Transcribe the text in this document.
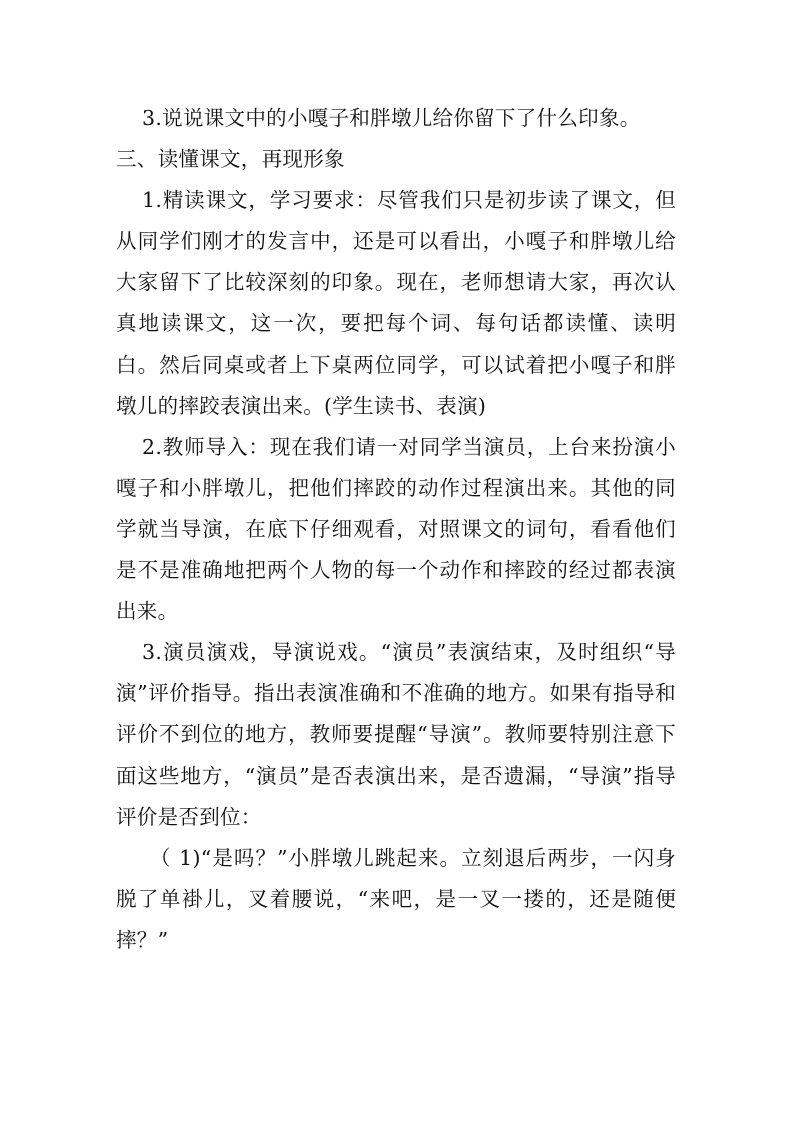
3.说说课文中的小嘎子和胖墩儿给你留下了什么印象。

三、读懂课文，再现形象

1.精读课文，学习要求：尽管我们只是初步读了课文，但从同学们刚才的发言中，还是可以看出，小嘎子和胖墩儿给大家留下了比较深刻的印象。现在，老师想请大家，再次认真地读课文，这一次，要把每个词、每句话都读懂、读明白。然后同桌或者上下桌两位同学，可以试着把小嘎子和胖墩儿的摔跤表演出来。(学生读书、表演)

2.教师导入：现在我们请一对同学当演员，上台来扮演小嘎子和小胖墩儿，把他们摔跤的动作过程演出来。其他的同学就当导演，在底下仔细观看，对照课文的词句，看看他们是不是准确地把两个人物的每一个动作和摔跤的经过都表演出来。

3.演员演戏，导演说戏。“演员”表演结束，及时组织“导演”评价指导。指出表演准确和不准确的地方。如果有指导和评价不到位的地方，教师要提醒“导演”。教师要特别注意下面这些地方，“演员”是否表演出来，是否遗漏，“导演”指导评价是否到位：

（ 1)“是吗？”小胖墩儿跳起来。立刻退后两步，一闪身脱了单褂儿，叉着腰说，“来吧，是一叉一搂的，还是随便摔？”
